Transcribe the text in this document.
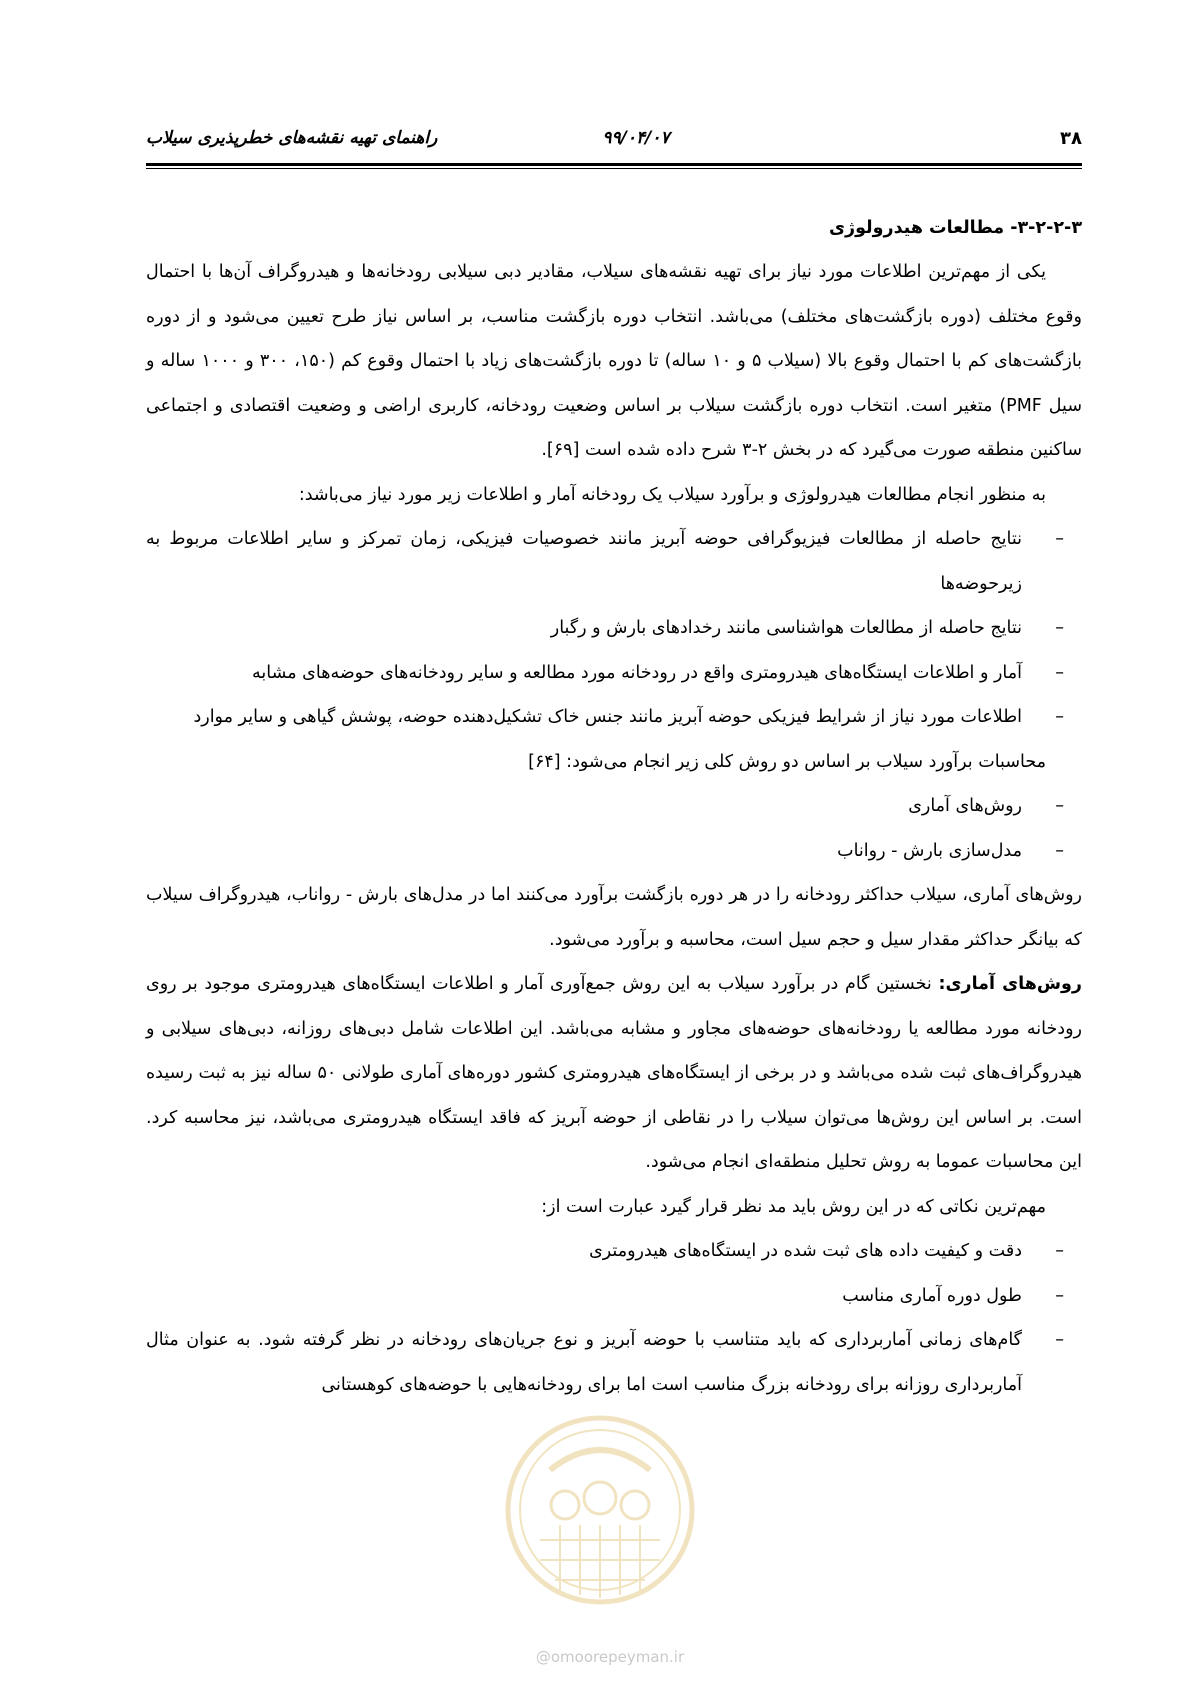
۳۸
۹۹/۰۴/۰۷
راهنمای تهیه نقشه‌های خطرپذیری سیلاب

۳-۲-۲-۳- مطالعات هیدرولوژی

یکی از مهم‌ترین اطلاعات مورد نیاز برای تهیه نقشه‌های سیلاب، مقادیر دبی سیلابی رودخانه‌ها و هیدروگراف آن‌ها با احتمال وقوع مختلف (دوره بازگشت‌های مختلف) می‌باشد. انتخاب دوره بازگشت مناسب، بر اساس نیاز طرح تعیین می‌شود و از دوره بازگشت‌های کم با احتمال وقوع بالا (سیلاب ۵ و ۱۰ ساله) تا دوره بازگشت‌های زیاد با احتمال وقوع کم (۱۵۰، ۳۰۰ و ۱۰۰۰ ساله و سیل PMF) متغیر است. انتخاب دوره بازگشت سیلاب بر اساس وضعیت رودخانه، کاربری اراضی و وضعیت اقتصادی و اجتماعی ساکنین منطقه صورت می‌گیرد که در بخش ۲-۳ شرح داده شده است [۶۹].

به منظور انجام مطالعات هیدرولوژی و برآورد سیلاب یک رودخانه آمار و اطلاعات زیر مورد نیاز می‌باشد:

– نتایج حاصله از مطالعات فیزیوگرافی حوضه آبریز مانند خصوصیات فیزیکی، زمان تمرکز و سایر اطلاعات مربوط به زیرحوضه‌ها
– نتایج حاصله از مطالعات هواشناسی مانند رخدادهای بارش و رگبار
– آمار و اطلاعات ایستگاه‌های هیدرومتری واقع در رودخانه مورد مطالعه و سایر رودخانه‌های حوضه‌های مشابه
– اطلاعات مورد نیاز از شرایط فیزیکی حوضه آبریز مانند جنس خاک تشکیل‌دهنده حوضه، پوشش گیاهی و سایر موارد

محاسبات برآورد سیلاب بر اساس دو روش کلی زیر انجام می‌شود: [۶۴]

– روش‌های آماری
– مدل‌سازی بارش - رواناب

روش‌های آماری، سیلاب حداکثر رودخانه را در هر دوره بازگشت برآورد می‌کنند اما در مدل‌های بارش - رواناب، هیدروگراف سیلاب که بیانگر حداکثر مقدار سیل و حجم سیل است، محاسبه و برآورد می‌شود.

روش‌های آماری: نخستین گام در برآورد سیلاب به این روش جمع‌آوری آمار و اطلاعات ایستگاه‌های هیدرومتری موجود بر روی رودخانه مورد مطالعه یا رودخانه‌های حوضه‌های مجاور و مشابه می‌باشد. این اطلاعات شامل دبی‌های روزانه، دبی‌های سیلابی و هیدروگراف‌های ثبت شده می‌باشد و در برخی از ایستگاه‌های هیدرومتری کشور دوره‌های آماری طولانی ۵۰ ساله نیز به ثبت رسیده است. بر اساس این روش‌ها می‌توان سیلاب را در نقاطی از حوضه آبریز که فاقد ایستگاه هیدرومتری می‌باشد، نیز محاسبه کرد. این محاسبات عموما به روش تحلیل منطقه‌ای انجام می‌شود.

مهم‌ترین نکاتی که در این روش باید مد نظر قرار گیرد عبارت است از:

– دقت و کیفیت داده های ثبت شده در ایستگاه‌های هیدرومتری
– طول دوره آماری مناسب
– گام‌های زمانی آماربرداری که باید متناسب با حوضه آبریز و نوع جریان‌های رودخانه در نظر گرفته شود. به عنوان مثال آماربرداری روزانه برای رودخانه بزرگ مناسب است اما برای رودخانه‌هایی با حوضه‌های کوهستانی
@omoorepeyman.ir
